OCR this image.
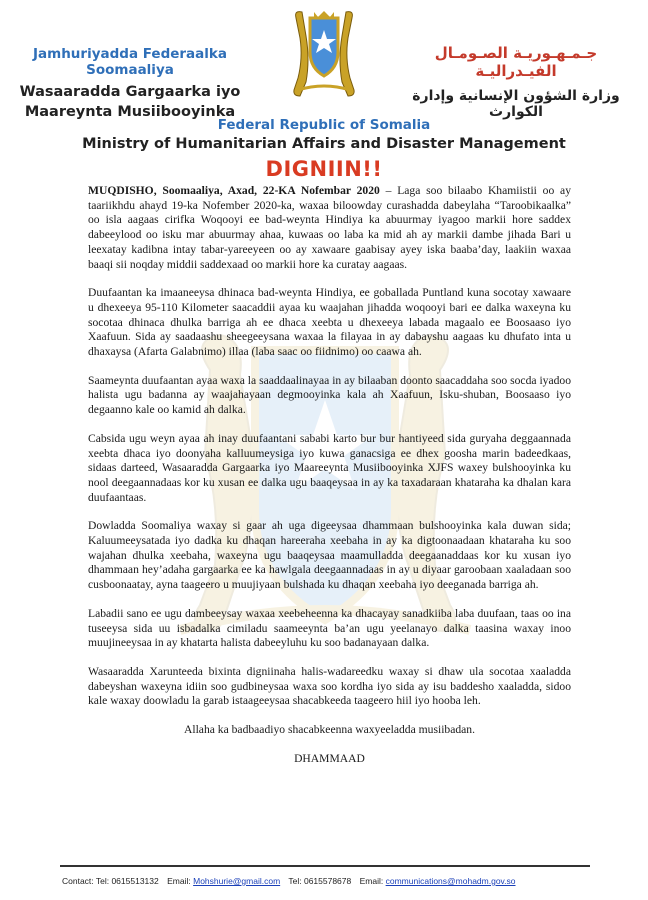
Jamhuriyadda Federaalka Soomaaliya
Wasaaradda Gargaarka iyo
Maareynta Musiibooyinka
جـمـهـوريـة الصـومـال الفيـدراليـة
وزارة الشؤون الإنسانية وإدارة الكوارث
Federal Republic of Somalia
Ministry of Humanitarian Affairs and Disaster Management
DIGNIIN!!

MUQDISHO, Soomaaliya, Axad, 22-KA Nofembar 2020 – Laga soo bilaabo Khamiistii oo ay taariikhdu ahayd 19-ka Nofember 2020-ka, waxaa biloowday curashadda dabeylaha “Taroobikaalka” oo isla aagaas cirifka Woqooyi ee bad-weynta Hindiya ka abuurmay iyagoo markii hore saddex dabeeylood oo isku mar abuurmay ahaa, kuwaas oo laba ka mid ah ay markii dambe jihada Bari u leexatay kadibna intay tabar-yareeyeen oo ay xawaare gaabisay ayey iska baaba’day, laakiin waxaa baaqi sii noqday middii saddexaad oo markii hore ka curatay aagaas.

Duufaantan ka imaaneeysa dhinaca bad-weynta Hindiya, ee goballada Puntland kuna socotay xawaare u dhexeeya 95-110 Kilometer saacaddii ayaa ku waajahan jihadda woqooyi bari ee dalka waxeyna ku socotaa dhinaca dhulka barriga ah ee dhaca xeebta u dhexeeya labada magaalo ee Boosaaso iyo Xaafuun. Sida ay saadaashu sheegeeysana waxaa la filayaa in ay dabayshu aagaas ku dhufato inta u dhaxaysa (Afarta Galabnimo) illaa (laba saac oo fiidnimo) oo caawa ah.

Saameynta duufaantan ayaa waxa la saaddaalinayaa in ay bilaaban doonto saacaddaha soo socda iyadoo halista ugu badanna ay waajahayaan degmooyinka kala ah Xaafuun, Isku-shuban, Boosaaso iyo degaanno kale oo kamid ah dalka.

Cabsida ugu weyn ayaa ah inay duufaantani sababi karto bur bur hantiyeed sida guryaha deggaannada xeebta dhaca iyo doonyaha kalluumeysiga iyo kuwa ganacsiga ee dhex goosha marin badeedkaas, sidaas darteed, Wasaaradda Gargaarka iyo Maareeynta Musiibooyinka XJFS waxey bulshooyinka ku nool deegaannadaas kor ku xusan ee dalka ugu baaqeysaa in ay ka taxadaraan khataraha ka dhalan kara duufaantaas.

Dowladda Soomaliya waxay si gaar ah uga digeeysaa dhammaan bulshooyinka kala duwan sida; Kaluumeeysatada iyo dadka ku dhaqan hareeraha xeebaha in ay ka digtoonaadaan khataraha ku soo wajahan dhulka xeebaha, waxeyna ugu baaqeysaa maamulladda deegaanaddaas kor ku xusan iyo dhammaan hey’adaha gargaarka ee ka hawlgala deegaannadaas in ay u diyaar garoobaan xaaladaan soo cusboonaatay, ayna taageero u muujiyaan bulshada ku dhaqan xeebaha iyo deeganada barriga ah.

Labadii sano ee ugu dambeeysay waxaa xeebeheenna ka dhacayay sanadkiiba laba duufaan, taas oo ina tuseeysa sida uu isbadalka cimiladu saameeynta ba’an ugu yeelanayo dalka taasina waxay inoo muujineeysaa in ay khatarta halista dabeeyluhu ku soo badanayaan dalka.

Wasaaradda Xarunteeda bixinta digniinaha halis-wadareedku waxay si dhaw ula socotaa xaaladda dabeyshan waxeyna idiin soo gudbineysaa waxa soo kordha iyo sida ay isu baddesho xaaladda, sidoo kale waxay doowladu la garab istaageeysaa shacabkeeda taageero hiil iyo hooba leh.

Allaha ka badbaadiyo shacabkeenna waxyeeladda musiibadan.

DHAMMAAD

Contact: Tel: 0615513132 Email: Mohshurie@gmail.com Tel: 0615578678 Email: communications@mohadm.gov.so
